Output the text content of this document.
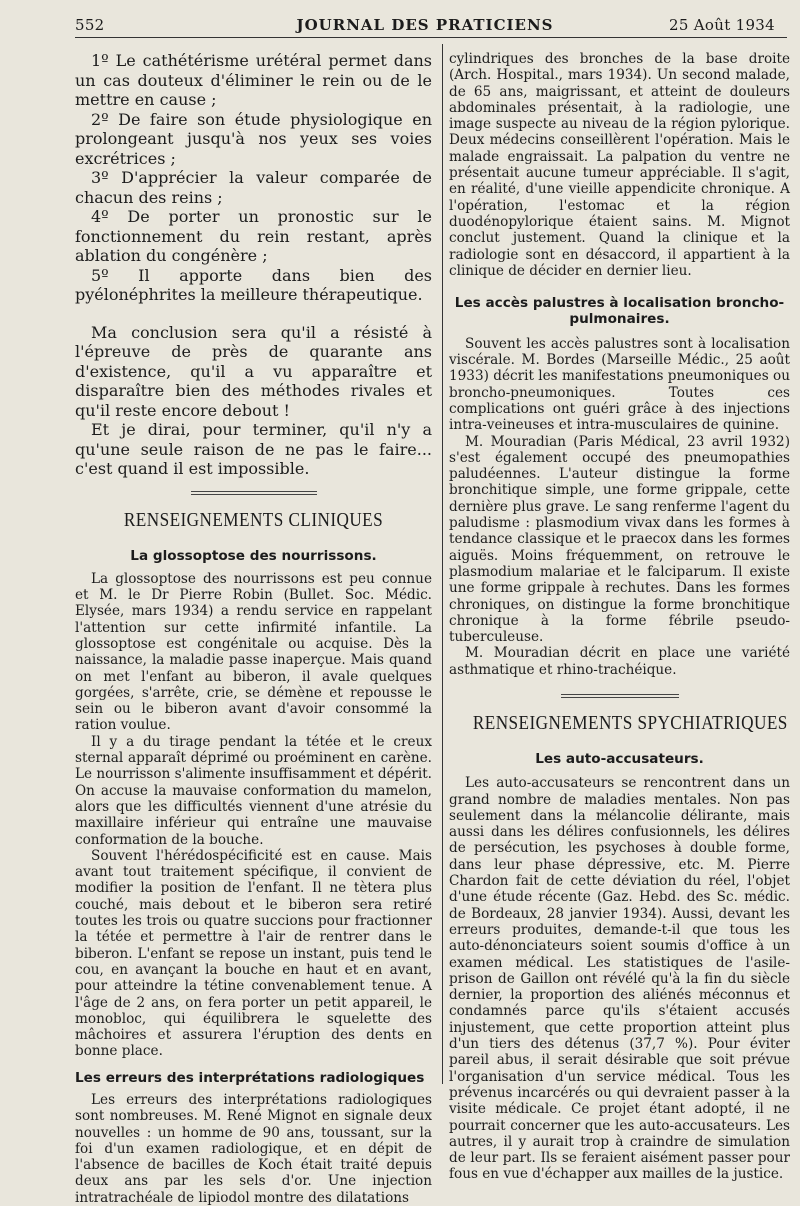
552	JOURNAL DES PRATICIENS	25 Août 1934

1º Le cathétérisme urétéral permet dans un cas douteux d'éliminer le rein ou de le mettre en cause ;

2º De faire son étude physiologique en prolongeant jusqu'à nos yeux ses voies excrétrices ;

3º D'apprécier la valeur comparée de chacun des reins ;

4º De porter un pronostic sur le fonctionnement du rein restant, après ablation du congénère ;

5º Il apporte dans bien des pyélonéphrites la meilleure thérapeutique.

Ma conclusion sera qu'il a résisté à l'épreuve de près de quarante ans d'existence, qu'il a vu apparaître et disparaître bien des méthodes rivales et qu'il reste encore debout !

Et je dirai, pour terminer, qu'il n'y a qu'une seule raison de ne pas le faire... c'est quand il est impossible.

RENSEIGNEMENTS CLINIQUES

La glossoptose des nourrissons.

La glossoptose des nourrissons est peu connue et M. le Dr Pierre Robin (Bullet. Soc. Médic. Elysée, mars 1934) a rendu service en rappelant l'attention sur cette infirmité infantile. La glossoptose est congénitale ou acquise. Dès la naissance, la maladie passe inaperçue. Mais quand on met l'enfant au biberon, il avale quelques gorgées, s'arrête, crie, se démène et repousse le sein ou le biberon avant d'avoir consommé la ration voulue.

Il y a du tirage pendant la tétée et le creux sternal apparaît déprimé ou proéminent en carène. Le nourrisson s'alimente insuffisamment et dépérit. On accuse la mauvaise conformation du mamelon, alors que les difficultés viennent d'une atrésie du maxillaire inférieur qui entraîne une mauvaise conformation de la bouche.

Souvent l'hérédospécificité est en cause. Mais avant tout traitement spécifique, il convient de modifier la position de l'enfant. Il ne tètera plus couché, mais debout et le biberon sera retiré toutes les trois ou quatre succions pour fractionner la tétée et permettre à l'air de rentrer dans le biberon. L'enfant se repose un instant, puis tend le cou, en avançant la bouche en haut et en avant, pour atteindre la tétine convenablement tenue. A l'âge de 2 ans, on fera porter un petit appareil, le monobloc, qui équilibrera le squelette des mâchoires et assurera l'éruption des dents en bonne place.

Les erreurs des interprétations radiologiques

Les erreurs des interprétations radiologiques sont nombreuses. M. René Mignot en signale deux nouvelles : un homme de 90 ans, toussant, sur la foi d'un examen radiologique, et en dépit de l'absence de bacilles de Koch était traité depuis deux ans par les sels d'or. Une injection intratrachéale de lipiodol montre des dilatations

cylindriques des bronches de la base droite (Arch. Hospital., mars 1934). Un second malade, de 65 ans, maigrissant, et atteint de douleurs abdominales présentait, à la radiologie, une image suspecte au niveau de la région pylorique. Deux médecins conseillèrent l'opération. Mais le malade engraissait. La palpation du ventre ne présentait aucune tumeur appréciable. Il s'agit, en réalité, d'une vieille appendicite chronique. A l'opération, l'estomac et la région duodénopylorique étaient sains. M. Mignot conclut justement. Quand la clinique et la radiologie sont en désaccord, il appartient à la clinique de décider en dernier lieu.

Les accès palustres à localisation broncho-pulmonaires.

Souvent les accès palustres sont à localisation viscérale. M. Bordes (Marseille Médic., 25 août 1933) décrit les manifestations pneumoniques ou broncho-pneumoniques. Toutes ces complications ont guéri grâce à des injections intra-veineuses et intra-musculaires de quinine.

M. Mouradian (Paris Médical, 23 avril 1932) s'est également occupé des pneumopathies paludéennes. L'auteur distingue la forme bronchitique simple, une forme grippale, cette dernière plus grave. Le sang renferme l'agent du paludisme : plasmodium vivax dans les formes à tendance classique et le praecox dans les formes aiguës. Moins fréquemment, on retrouve le plasmodium malariae et le falciparum. Il existe une forme grippale à rechutes. Dans les formes chroniques, on distingue la forme bronchitique chronique à la forme fébrile pseudo-tuberculeuse.

M. Mouradian décrit en place une variété asthmatique et rhino-trachéique.

RENSEIGNEMENTS SPYCHIATRIQUES

Les auto-accusateurs.

Les auto-accusateurs se rencontrent dans un grand nombre de maladies mentales. Non pas seulement dans la mélancolie délirante, mais aussi dans les délires confusionnels, les délires de persécution, les psychoses à double forme, dans leur phase dépressive, etc. M. Pierre Chardon fait de cette déviation du réel, l'objet d'une étude récente (Gaz. Hebd. des Sc. médic. de Bordeaux, 28 janvier 1934). Aussi, devant les erreurs produites, demande-t-il que tous les auto-dénonciateurs soient soumis d'office à un examen médical. Les statistiques de l'asile-prison de Gaillon ont révélé qu'à la fin du siècle dernier, la proportion des aliénés méconnus et condamnés parce qu'ils s'étaient accusés injustement, que cette proportion atteint plus d'un tiers des détenus (37,7 %). Pour éviter pareil abus, il serait désirable que soit prévue l'organisation d'un service médical. Tous les prévenus incarcérés ou qui devraient passer à la visite médicale. Ce projet étant adopté, il ne pourrait concerner que les auto-accusateurs. Les autres, il y aurait trop à craindre de simulation de leur part. Ils se feraient aisément passer pour fous en vue d'échapper aux mailles de la justice.
